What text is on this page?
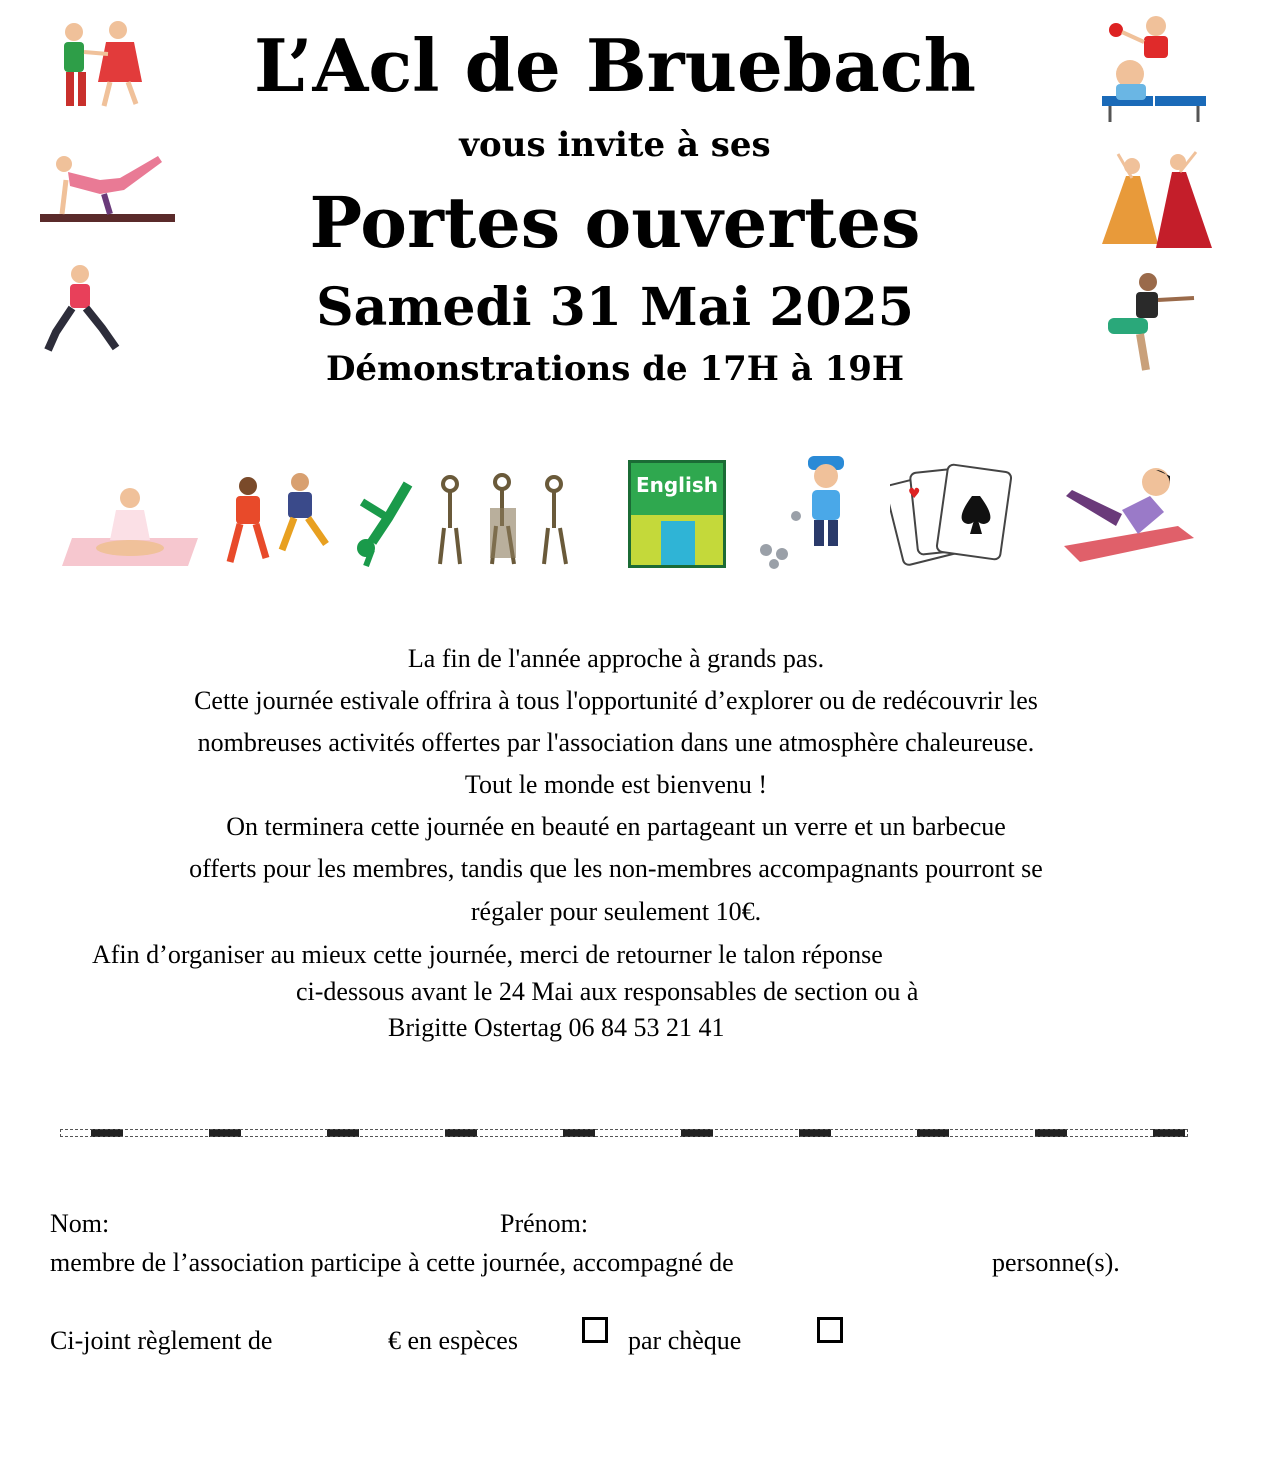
L’Acl de Bruebach
vous invite à ses
Portes ouvertes
Samedi 31 Mai 2025
Démonstrations de 17H à 19H
English	♥
La fin de l'année approche à grands pas.
Cette journée estivale offrira à tous l'opportunité d’explorer ou de redécouvrir les
nombreuses activités offertes par l'association dans une atmosphère chaleureuse.
Tout le monde est bienvenu !
On terminera cette journée en beauté en partageant un verre et un barbecue
offerts pour les membres, tandis que les non-membres accompagnants pourront se
régaler pour seulement 10€.
Afin d’organiser au mieux cette journée, merci de retourner le talon réponse
ci-dessous avant le 24 Mai aux responsables de section ou à
Brigitte Ostertag 06 84 53 21 41
Nom:	Prénom:
membre de l’association participe à cette journée, accompagné de	personne(s).
Ci-joint règlement de	€ en espèces	par chèque
